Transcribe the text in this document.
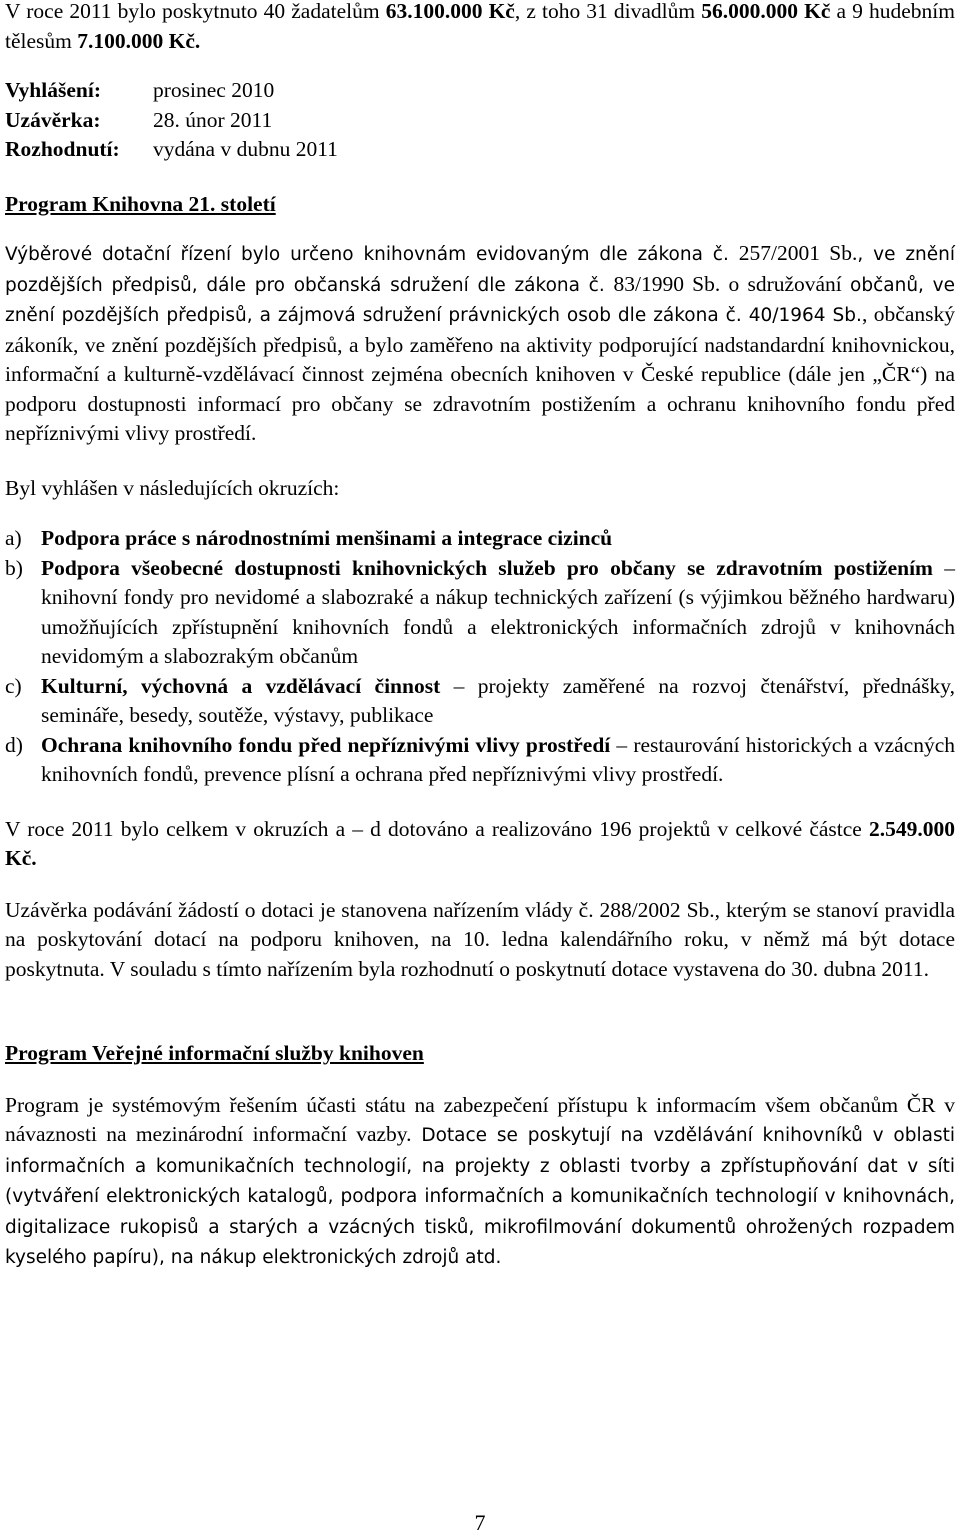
V roce 2011 bylo poskytnuto 40 žadatelům 63.100.000 Kč, z toho 31 divadlům 56.000.000 Kč a 9 hudebním tělesům 7.100.000 Kč.

Vyhlášení:	prosinec 2010
Uzávěrka:	28. únor 2011
Rozhodnutí:	vydána v dubnu 2011

Program Knihovna 21. století

Výběrové dotační řízení bylo určeno knihovnám evidovaným dle zákona č. 257/2001 Sb., ve znění pozdějších předpisů, dále pro občanská sdružení dle zákona č. 83/1990 Sb. o sdružování občanů, ve znění pozdějších předpisů, a zájmová sdružení právnických osob dle zákona č. 40/1964 Sb., občanský zákoník, ve znění pozdějších předpisů, a bylo zaměřeno na aktivity podporující nadstandardní knihovnickou, informační a kulturně-vzdělávací činnost zejména obecních knihoven v České republice (dále jen „ČR“) na podporu dostupnosti informací pro občany se zdravotním postižením a ochranu knihovního fondu před nepříznivými vlivy prostředí.

Byl vyhlášen v následujících okruzích:

a) Podpora práce s národnostními menšinami a integrace cizinců
b) Podpora všeobecné dostupnosti knihovnických služeb pro občany se zdravotním postižením – knihovní fondy pro nevidomé a slabozraké a nákup technických zařízení (s výjimkou běžného hardwaru) umožňujících zpřístupnění knihovních fondů a elektronických informačních zdrojů v knihovnách nevidomým a slabozrakým občanům
c) Kulturní, výchovná a vzdělávací činnost – projekty zaměřené na rozvoj čtenářství, přednášky, semináře, besedy, soutěže, výstavy, publikace
d) Ochrana knihovního fondu před nepříznivými vlivy prostředí – restaurování historických a vzácných knihovních fondů, prevence plísní a ochrana před nepříznivými vlivy prostředí.

V roce 2011 bylo celkem v okruzích a – d dotováno a realizováno 196 projektů v celkové částce 2.549.000 Kč.

Uzávěrka podávání žádostí o dotaci je stanovena nařízením vlády č. 288/2002 Sb., kterým se stanoví pravidla na poskytování dotací na podporu knihoven, na 10. ledna kalendářního roku, v němž má být dotace poskytnuta. V souladu s tímto nařízením byla rozhodnutí o poskytnutí dotace vystavena do 30. dubna 2011.

Program Veřejné informační služby knihoven

Program je systémovým řešením účasti státu na zabezpečení přístupu k informacím všem občanům ČR v návaznosti na mezinárodní informační vazby. Dotace se poskytují na vzdělávání knihovníků v oblasti informačních a komunikačních technologií, na projekty z oblasti tvorby a zpřístupňování dat v síti (vytváření elektronických katalogů, podpora informačních a komunikačních technologií v knihovnách, digitalizace rukopisů a starých a vzácných tisků, mikrofilmování dokumentů ohrožených rozpadem kyselého papíru), na nákup elektronických zdrojů atd.

7
